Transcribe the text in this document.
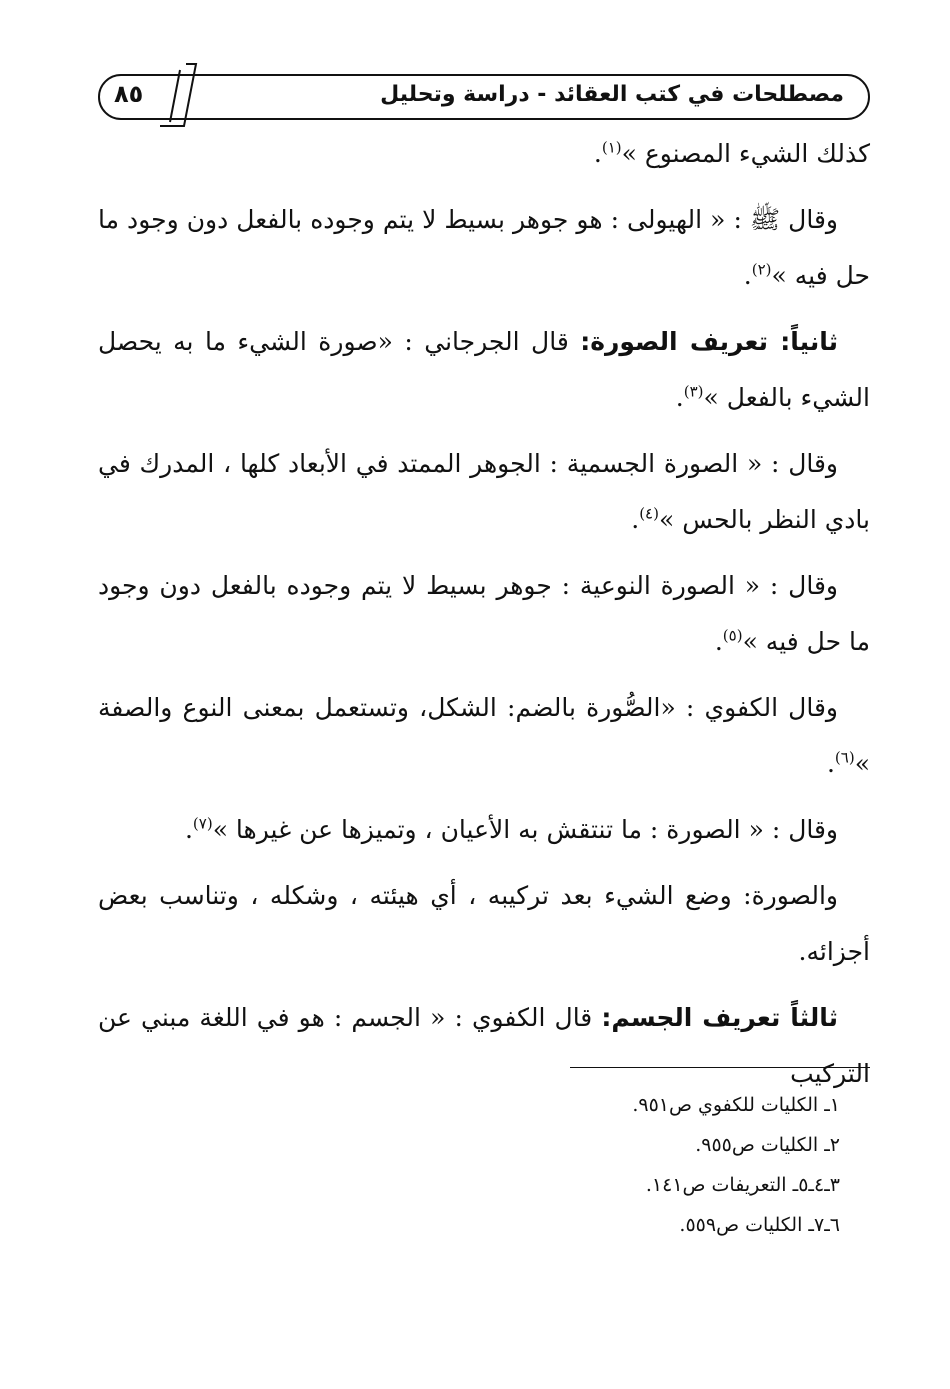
مصطلحات في كتب العقائد - دراسة وتحليل
٨٥

كذلك الشيء المصنوع »$^{(١)}$.

وقال ﷺ : « الهيولى : هو جوهر بسيط لا يتم وجوده بالفعل دون وجود ما حل فيه »$^{(٢)}$.

ثانياً: تعريف الصورة: قال الجرجاني : «صورة الشيء ما به يحصل الشيء بالفعل »$^{(٣)}$.

وقال : « الصورة الجسمية : الجوهر الممتد في الأبعاد كلها ، المدرك في بادي النظر بالحس »$^{(٤)}$.

وقال : « الصورة النوعية : جوهر بسيط لا يتم وجوده بالفعل دون وجود ما حل فيه »$^{(٥)}$.

وقال الكفوي : «الصُّورة بالضم: الشكل، وتستعمل بمعنى النوع والصفة »$^{(٦)}$.

وقال : « الصورة : ما تنتقش به الأعيان ، وتميزها عن غيرها »$^{(٧)}$.

والصورة: وضع الشيء بعد تركيبه ، أي هيئته ، وشكله ، وتناسب بعض أجزائه.

ثالثاً تعريف الجسم: قال الكفوي : « الجسم : هو في اللغة مبني عن التركيب

١ـ الكليات للكفوي ص٩٥١.

٢ـ الكليات ص٩٥٥.

٣ـ٤ـ٥ـ التعريفات ص١٤١.

٦ـ٧ـ الكليات ص٥٥٩.
